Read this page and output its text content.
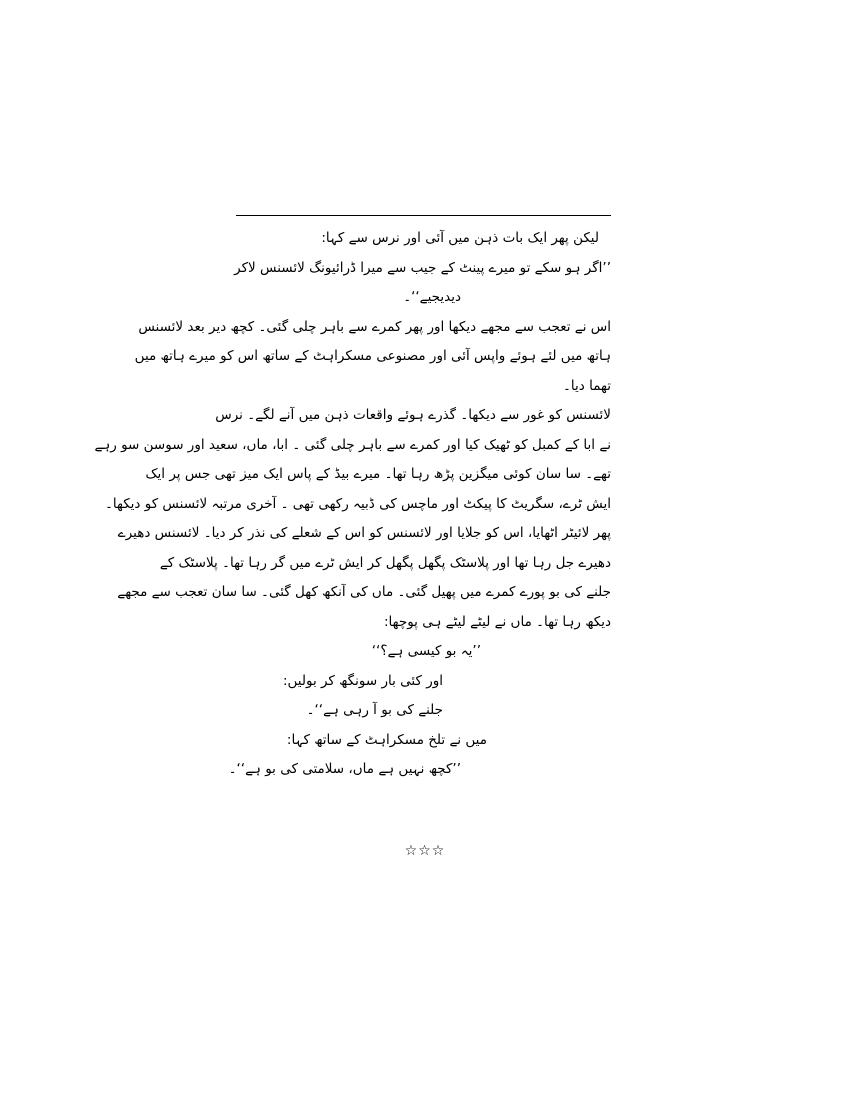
لیکن پھر ایک بات ذہن میں آئی اور نرس سے کہا:
’’اگر ہو سکے تو میرے پینٹ کے جیب سے میرا ڈرائیونگ لائسنس لاکر
دیدیجیے‘‘۔
اس نے تعجب سے مجھے دیکھا اور پھر کمرے سے باہر چلی گئی۔ کچھ دیر بعد لائسنس
ہاتھ میں لئے ہوئے واپس آئی اور مصنوعی مسکراہٹ کے ساتھ اس کو میرے ہاتھ میں
تھما دیا۔
لائسنس کو غور سے دیکھا۔ گذرے ہوئے واقعات ذہن میں آنے لگے۔ نرس
نے ابا کے کمبل کو ٹھیک کیا اور کمرے سے باہر چلی گئی ۔ ابا، ماں، سعید اور سوسن سو رہے
تھے۔ سا سان کوئی میگزین پڑھ رہا تھا۔ میرے بیڈ کے پاس ایک میز تھی جس پر ایک
ایش ٹرے، سگریٹ کا پیکٹ اور ماچس کی ڈبیہ رکھی تھی ۔ آخری مرتبہ لائسنس کو دیکھا۔
پھر لائیٹر اٹھایا، اس کو جلایا اور لائسنس کو اس کے شعلے کی نذر کر دیا۔ لائسنس دھیرے
دھیرے جل رہا تھا اور پلاسٹک پگھل پگھل کر ایش ٹرے میں گر رہا تھا۔ پلاسٹک کے
جلنے کی بو پورے کمرے میں پھیل گئی۔ ماں کی آنکھ کھل گئی۔ سا سان تعجب سے مجھے
دیکھ رہا تھا۔ ماں نے لیٹے لیٹے ہی پوچھا:
’’یہ بو کیسی ہے؟‘‘
اور کئی بار سونگھ کر بولیں:
جلنے کی بو آ رہی ہے‘‘۔
میں نے تلخ مسکراہٹ کے ساتھ کہا:
’’کچھ نہیں ہے ماں، سلامتی کی بو ہے‘‘۔
☆☆☆
